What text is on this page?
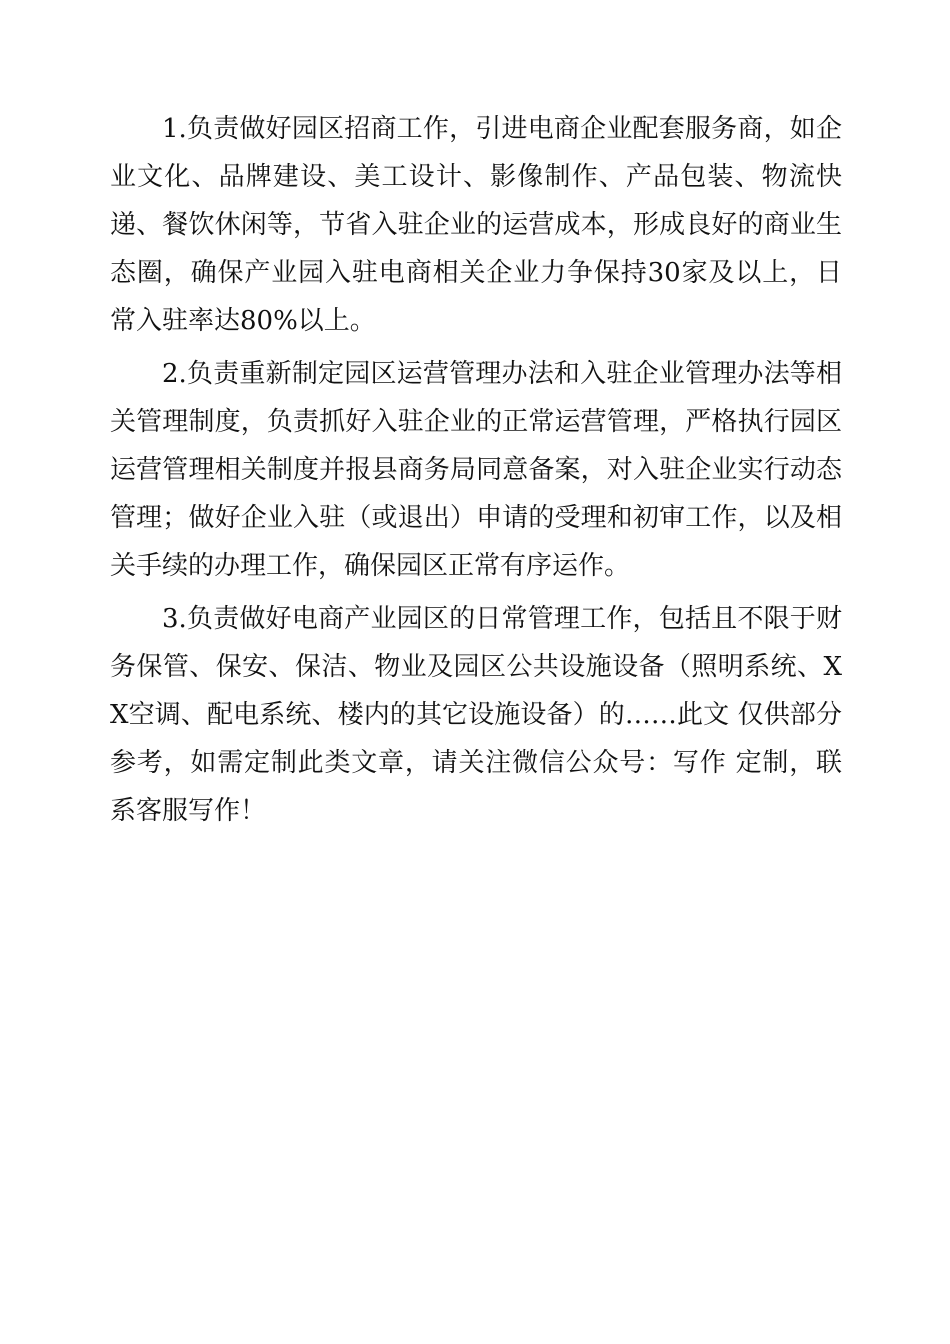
1.负责做好园区招商工作，引进电商企业配套服务商，如企业文化、品牌建设、美工设计、影像制作、产品包装、物流快递、餐饮休闲等，节省入驻企业的运营成本，形成良好的商业生态圈，确保产业园入驻电商相关企业力争保持30家及以上，日常入驻率达80%以上。

2.负责重新制定园区运营管理办法和入驻企业管理办法等相关管理制度，负责抓好入驻企业的正常运营管理，严格执行园区运营管理相关制度并报县商务局同意备案，对入驻企业实行动态管理；做好企业入驻（或退出）申请的受理和初审工作，以及相关手续的办理工作，确保园区正常有序运作。

3.负责做好电商产业园区的日常管理工作，包括且不限于财务保管、保安、保洁、物业及园区公共设施设备（照明系统、XX空调、配电系统、楼内的其它设施设备）的……此文 仅供部分参考，如需定制此类文章，请关注微信公众号：写作 定制，联系客服写作！
